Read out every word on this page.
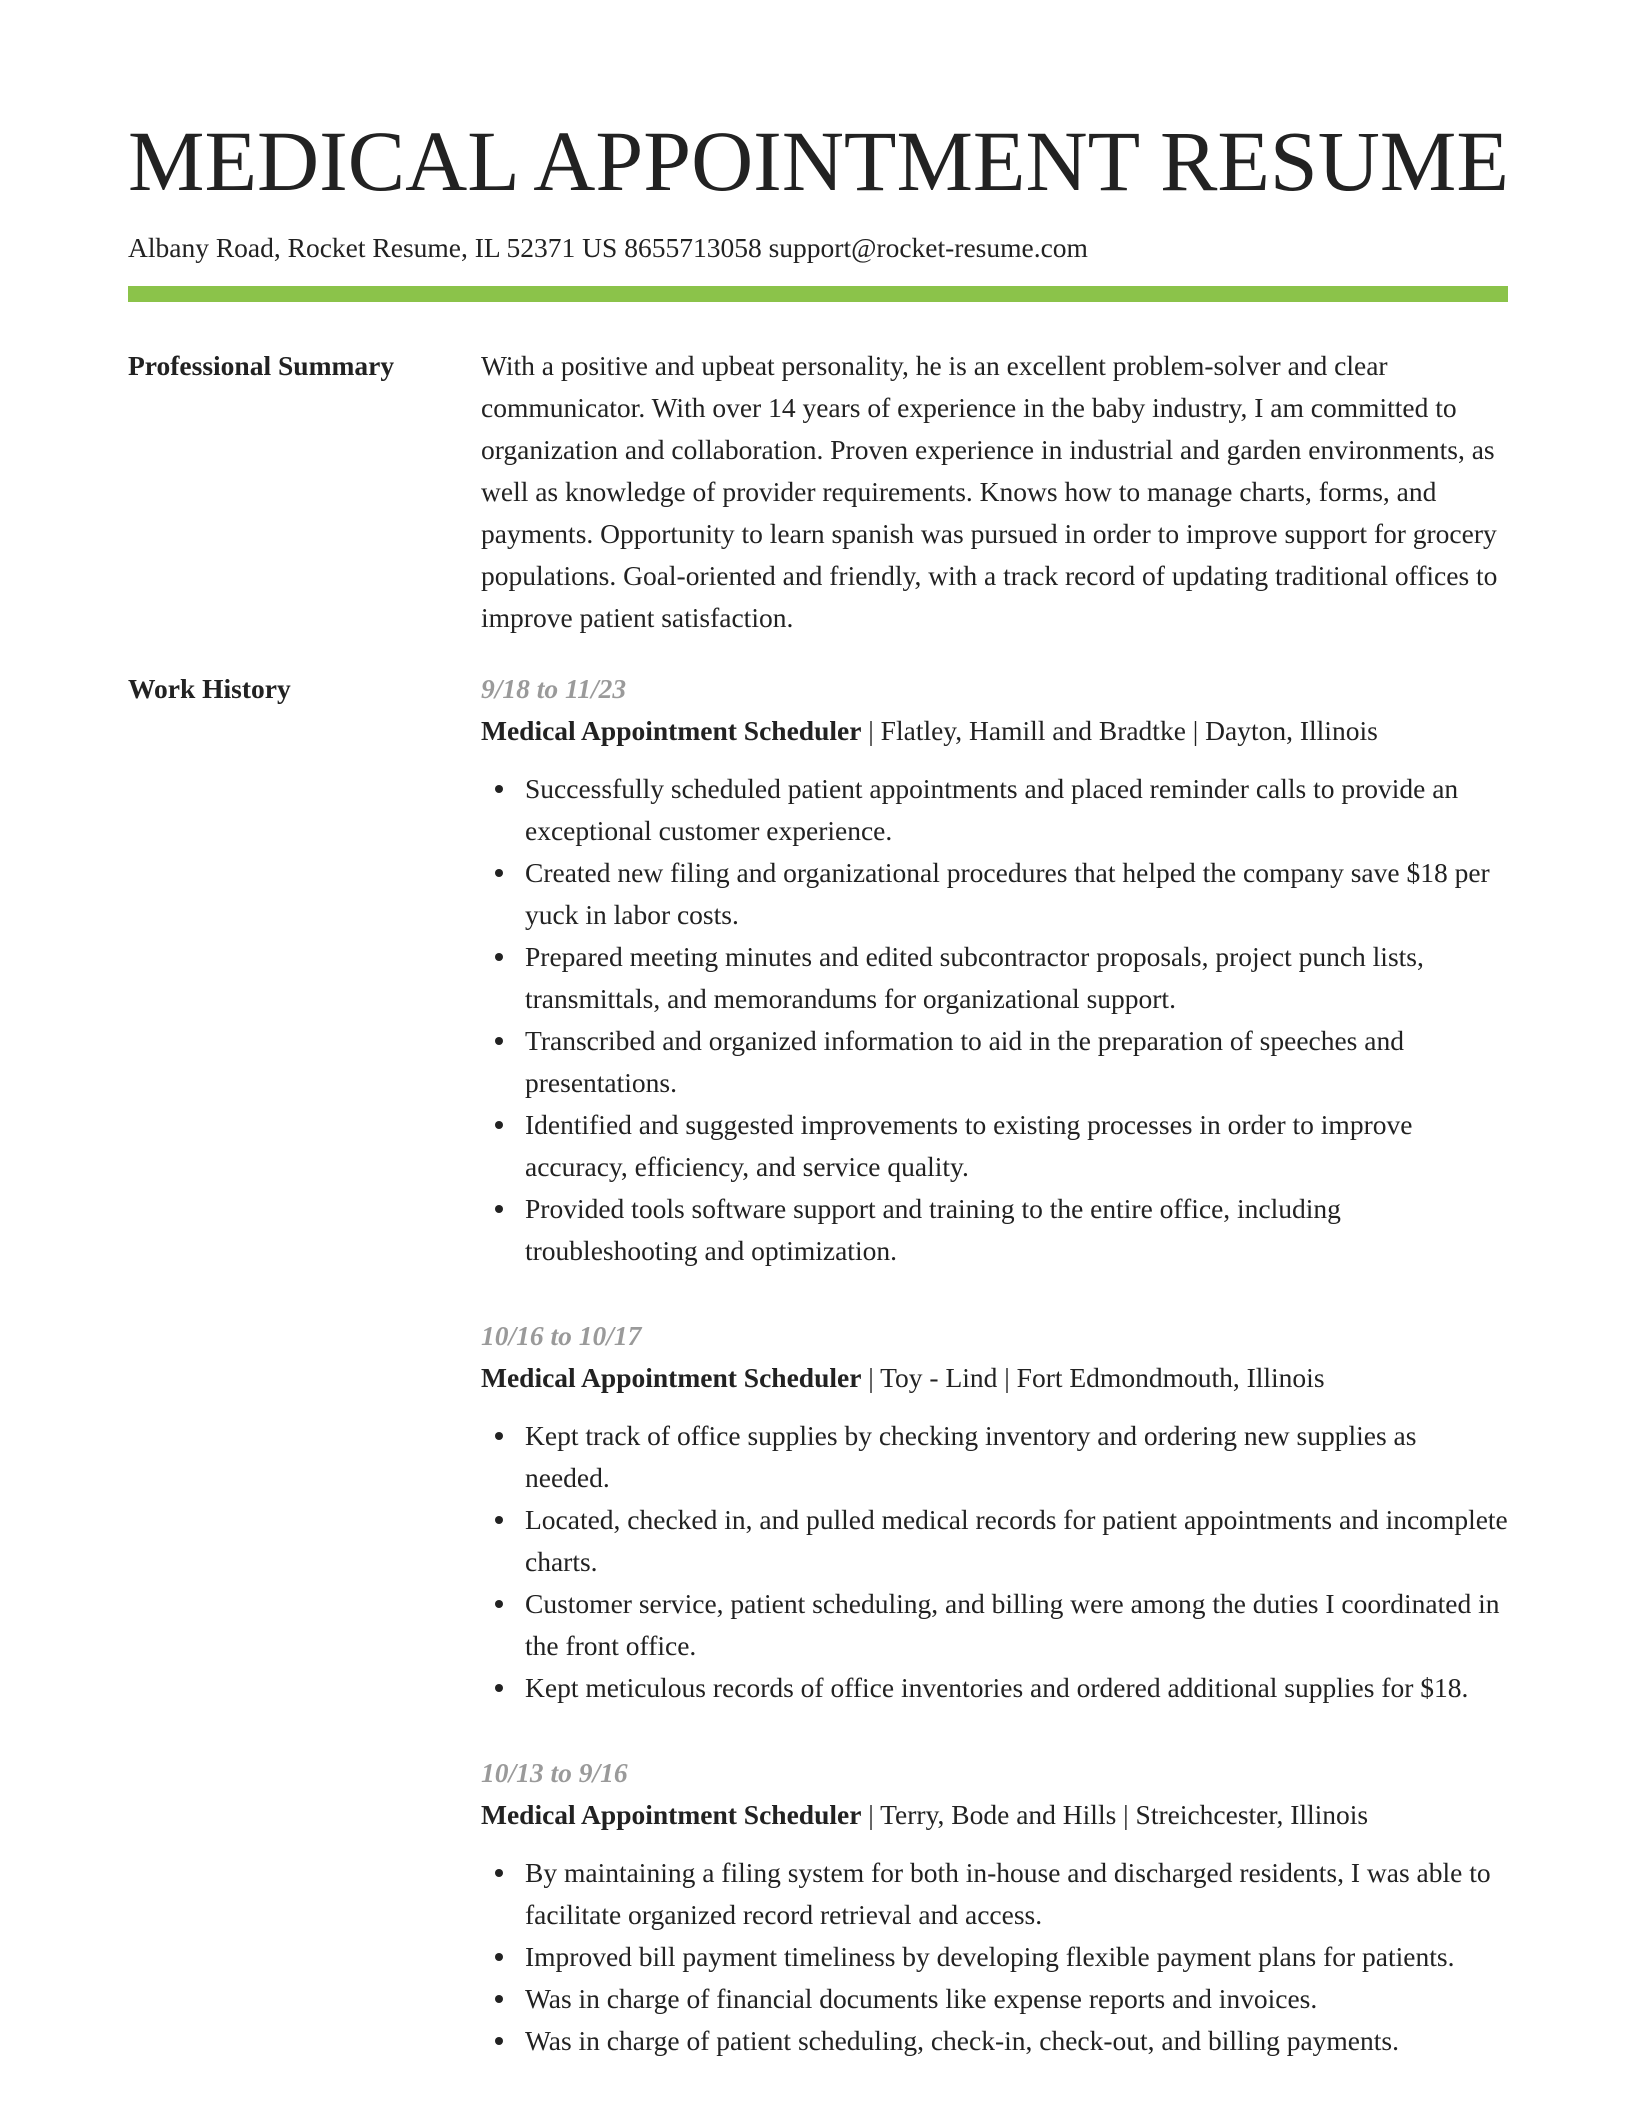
MEDICAL APPOINTMENT RESUME
Albany Road, Rocket Resume, IL 52371 US 8655713058 support@rocket-resume.com
Professional Summary	With a positive and upbeat personality, he is an excellent problem-solver and clear communicator. With over 14 years of experience in the baby industry, I am committed to organization and collaboration. Proven experience in industrial and garden environments, as well as knowledge of provider requirements. Knows how to manage charts, forms, and payments. Opportunity to learn spanish was pursued in order to improve support for grocery populations. Goal-oriented and friendly, with a track record of updating traditional offices to improve patient satisfaction.

Work History	9/18 to 11/23
Medical Appointment Scheduler | Flatley, Hamill and Bradtke | Dayton, Illinois
Successfully scheduled patient appointments and placed reminder calls to provide an exceptional customer experience.
Created new filing and organizational procedures that helped the company save $18 per yuck in labor costs.
Prepared meeting minutes and edited subcontractor proposals, project punch lists, transmittals, and memorandums for organizational support.
Transcribed and organized information to aid in the preparation of speeches and presentations.
Identified and suggested improvements to existing processes in order to improve accuracy, efficiency, and service quality.
Provided tools software support and training to the entire office, including troubleshooting and optimization.
10/16 to 10/17
Medical Appointment Scheduler | Toy - Lind | Fort Edmondmouth, Illinois
Kept track of office supplies by checking inventory and ordering new supplies as needed.
Located, checked in, and pulled medical records for patient appointments and incomplete charts.
Customer service, patient scheduling, and billing were among the duties I coordinated in the front office.
Kept meticulous records of office inventories and ordered additional supplies for $18.
10/13 to 9/16
Medical Appointment Scheduler | Terry, Bode and Hills | Streichcester, Illinois
By maintaining a filing system for both in-house and discharged residents, I was able to facilitate organized record retrieval and access.
Improved bill payment timeliness by developing flexible payment plans for patients.
Was in charge of financial documents like expense reports and invoices.
Was in charge of patient scheduling, check-in, check-out, and billing payments.
